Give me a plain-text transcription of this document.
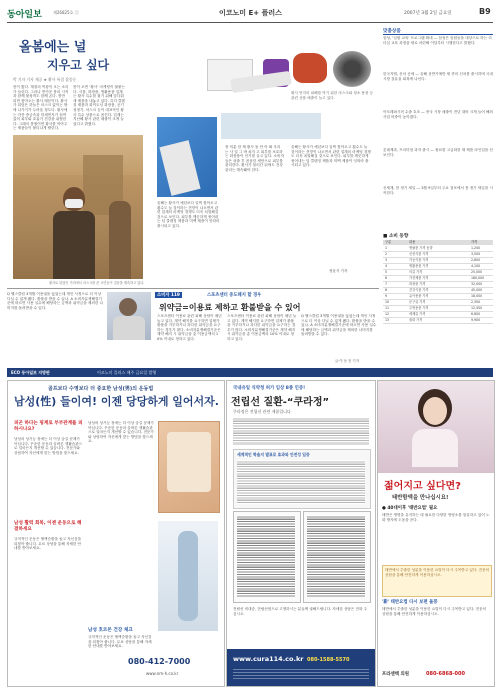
동아일보	제26825호 ㊂	이코노미 E+ 플러스	2007년 3월 2일 금요일	B9
올봄에는 널
지우고 싶다
박 기자 기사 제공 ★ 황사 특집 잡종동
봄이 왔다. 계절의 여왕이 오는 소리가 들린다. 그러나 반가운 봄의 시작과 함께 불청객도 함께 온다. 봄만 되면 찾아오는 황사 때문이다. 황사가 뒤덮은 하늘은 마스크 없이는 밖에 나가기가 두려울 정도다. 황사에는 각종 중금속과 미세먼지가 섞여 있어 피부와 호흡기 건강을 위협한다. 그래서 봄철이면 황사를 막아주는 제품들이 불티나게 팔린다.
봄이 오면 ‘황사’ 마케팅이 불붙는다. 식품, 화장품, 생활용품 업계는 황사 특수를 잡기 위해 앞다퉈 새 제품을 내놓고 있다. 특히 클렌징 제품과 화이트닝 화장품, 공기청정기, 마스크 등이 대표적인 황사 특수 상품으로 꼽힌다. 업계는 지난해 황사 관련 매출이 크게 늘었다고 밝혔다.
황사로 뒤덮인 거리에서 마스크를 쓴 시민들이 걸음을 재촉하고 있다.
황사 먼지의 피해를 막기 위한 마스크와 청소 용품 등 관련 상품 매출이 늘고 있다.
올해는 황사가 예년보다 일찍 찾아오고 횟수도 늘 것이라는 전망이 나오면서 관련 업계의 마케팅 경쟁도 더욱 치열해질 것으로 보인다. 피부를 깨끗하게 씻어내는 딥 클렌징 제품과 미백 제품이 잇따라 출시되고 있다.
장 미분 한 제 황사 돌 안 아 봐 우리 는 사 얼 그 바 쳐지 고 피부를 보호하는 화장품이 인기를 끌고 있다. 소비자들은 외출 후 꼼꼼한 세안으로 피부를 관리한다. 황사가 물러간 뒤에도 건강 관리는 계속돼야 한다.
올해는 황사가 예년보다 일찍 찾아오고 횟수도 늘 것이라는 전망이 나오면서 관련 업계의 마케팅 경쟁도 더욱 치열해질 것으로 보인다. 피부를 깨끗하게 씻어내는 딥 클렌징 제품과 미백 제품이 잇따라 출시되고 있다.
정윤식 기자
맞춤상품
삼성, ‘임원 교육’ 프로그램 확대 — 삼성은 임원들을 대상으로 하는 리더십 교육 과정을 새로 마련해 이달부터 시행한다고 밝혔다.
한국지엠, 신차 공세 — 올해 상반기에만 세 종의 신차를 출시하며 국내 시장 점유율 회복에 나선다.
아모레퍼시픽 수출 호조 — 중국 시장 매출이 전년 대비 크게 늘어 해외 사업 비중이 높아졌다.
롯데제과, 프리미엄 과자 출시 — 원료를 고급화한 새 제품 라인업을 선보인다.
신세계, 봄 정기 세일 — 3월 9일부터 주요 점포에서 봄 정기 세일을 시작한다.
■ 소비 동향
구분	내용	가격
1	생필품 가격 동향	1,200
2	신선식품 가격	3,500
3	가공식품 가격	2,800
4	생활용품 가격	4,100
5	의류 가격	25,000
6	가전제품 가격	180,000
7	화장품 가격	32,000
8	건강식품 가격	45,000
9	유아용품 가격	18,000
10	문구류 가격	2,300
11	주방용품 가격	12,500
12	세제류 가격	6,800
13	잡화 가격	9,900
소비자 119	스포츠센터 중도해지 할 경우
위약금=이용료 제하고 환불받을 수 있어
Q 헬스클럽 3개월 이용권을 끊었는데 개인 사정으로 더 이상 다닐 수 없게 됐다. 환불을 받을 수 있나. A 소비자분쟁해결기준에 따르면 사용 일수에 해당하는 금액과 위약금을 제외한 나머지를 돌려받을 수 있다.
스포츠센터 이용료 관련 피해 상담이 매년 늘고 있다. 계약 해지를 요구하면 업체가 환불을 거부하거나 과다한 위약금을 요구하는 경우가 많다. 소비자분쟁해결기준은 계약 해지 시 위약금을 총 이용금액의 10% 이내로 정하고 있다.
스포츠센터 이용료 관련 피해 상담이 매년 늘고 있다. 계약 해지를 요구하면 업체가 환불을 거부하거나 과다한 위약금을 요구하는 경우가 많다. 소비자분쟁해결기준은 계약 해지 시 위약금을 총 이용금액의 10% 이내로 정하고 있다.
Q 헬스클럽 3개월 이용권을 끊었는데 개인 사정으로 더 이상 다닐 수 없게 됐다. 환불을 받을 수 있나. A 소비자분쟁해결기준에 따르면 사용 일수에 해당하는 금액과 위약금을 제외한 나머지를 돌려받을 수 있다.
글·이 동 천 기자
ECO 동아일보 지방판	이코노미 플러스 매주 금요일 발행
골프보다 수영보다 더 중요한 남성(男)의 운동법
남성(性) 들이여! 이젠 당당하게 일어서자.
피곤 하다는 핑계로 부부관계를 피하시나요?
남성의 성기능 장애는 더 이상 숨길 문제가 아닙니다. 꾸준한 운동과 올바른 생활습관으로 얼마든지 개선할 수 있습니다. 전문가와 상담하여 자신에게 맞는 방법을 찾으세요.
남성 활력 회복, 이젠 운동으로 해결하세요
규칙적인 운동은 혈액순환을 돕고 자신감을 되찾아 줍니다. 무료 상담을 통해 자세한 안내를 받아보세요.
남성의 성기능 장애는 더 이상 숨길 문제가 아닙니다. 꾸준한 운동과 올바른 생활습관으로 얼마든지 개선할 수 있습니다. 전문가와 상담하여 자신에게 맞는 방법을 찾으세요.
남성 호르몬 건강 체크
규칙적인 운동은 혈액순환을 돕고 자신감을 되찾아 줍니다. 무료 상담을 통해 자세한 안내를 받아보세요.
080-412-7000
www.nm-h.co.kr
국내유일 식약청 허가 임상 8종 인증!
전립선 질환-“쿠라정”
쿠라정은 전립선 관련 제품입니다
세계적인 학술지 발표로 효과와 안전성 입증
전립선 비대증, 전립선염으로 고생하시는 분들께 권해드립니다. 자세한 상담은 전화 주십시오.
www.cura114.co.kr 080-1588-5570
젊어지고 싶다면?
태반함액을 만나십시요!
● 40대이후 '태반요법' 필요
태반은 생명을 유지하는 데 필요한 다양한 영양소를 함유하고 있어 노화 방지에 도움을 준다.
태반에서 추출한 성분을 이용한 요법이 다시 주목받고 있다. 전문의 상담을 통해 안전하게 이용하십시오.
'新' 태반요법 다시 보편 돌풍
태반에서 추출한 성분을 이용한 요법이 다시 주목받고 있다. 전문의 상담을 통해 안전하게 이용하십시오.
프라센텍 의원	080-6868-000
